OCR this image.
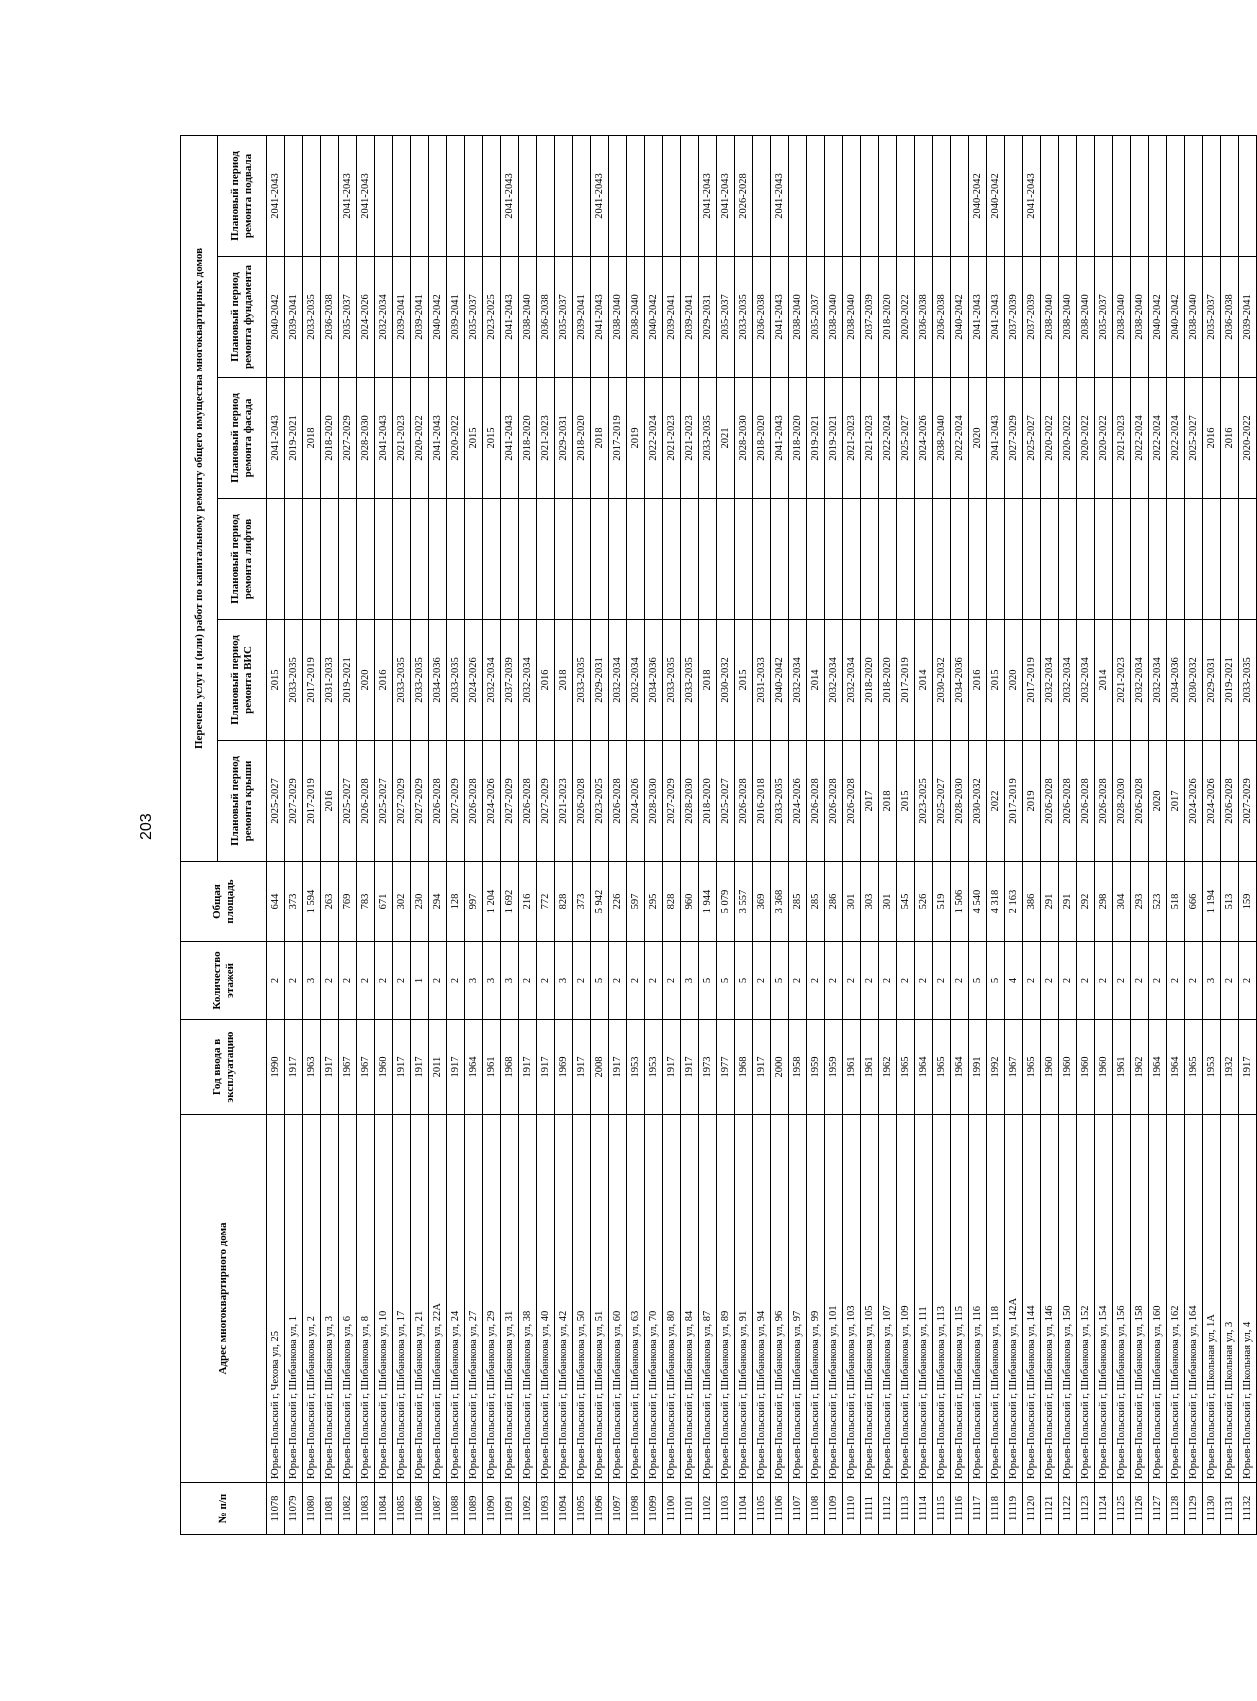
203
№ п/п	Адрес многоквартирного дома	Год ввода в эксплуатацию	Количество этажей	Общая площадь	Перечень услуг и (или) работ по капитальному ремонту общего имущества многоквартирных домов					
					Плановый период ремонта крыши	Плановый период ремонта ВИС	Плановый период ремонта лифтов	Плановый период ремонта фасада	Плановый период ремонта фундамента	Плановый период ремонта подвала
11078	Юрьев-Польский г, Чехова ул, 25	1990	2	644	2025-2027	2015		2041-2043	2040-2042	2041-2043
11079	Юрьев-Польский г, Шибанкова ул, 1	1917	2	373	2027-2029	2033-2035		2019-2021	2039-2041	
11080	Юрьев-Польский г, Шибанкова ул, 2	1963	3	1 594	2017-2019	2017-2019		2018	2033-2035	
11081	Юрьев-Польский г, Шибанкова ул, 3	1917	2	263	2016	2031-2033		2018-2020	2036-2038	
11082	Юрьев-Польский г, Шибанкова ул, 6	1967	2	769	2025-2027	2019-2021		2027-2029	2035-2037	2041-2043
11083	Юрьев-Польский г, Шибанкова ул, 8	1967	2	783	2026-2028	2020		2028-2030	2024-2026	2041-2043
11084	Юрьев-Польский г, Шибанкова ул, 10	1960	2	671	2025-2027	2016		2041-2043	2032-2034	
11085	Юрьев-Польский г, Шибанкова ул, 17	1917	2	302	2027-2029	2033-2035		2021-2023	2039-2041	
11086	Юрьев-Польский г, Шибанкова ул, 21	1917	1	230	2027-2029	2033-2035		2020-2022	2039-2041	
11087	Юрьев-Польский г, Шибанкова ул, 22А	2011	2	294	2026-2028	2034-2036		2041-2043	2040-2042	
11088	Юрьев-Польский г, Шибанкова ул, 24	1917	2	128	2027-2029	2033-2035		2020-2022	2039-2041	
11089	Юрьев-Польский г, Шибанкова ул, 27	1964	3	997	2026-2028	2024-2026		2015	2035-2037	
11090	Юрьев-Польский г, Шибанкова ул, 29	1961	3	1 204	2024-2026	2032-2034		2015	2023-2025	
11091	Юрьев-Польский г, Шибанкова ул, 31	1968	3	1 692	2027-2029	2037-2039		2041-2043	2041-2043	2041-2043
11092	Юрьев-Польский г, Шибанкова ул, 38	1917	2	216	2026-2028	2032-2034		2018-2020	2038-2040	
11093	Юрьев-Польский г, Шибанкова ул, 40	1917	2	772	2027-2029	2016		2021-2023	2036-2038	
11094	Юрьев-Польский г, Шибанкова ул, 42	1969	3	828	2021-2023	2018		2029-2031	2035-2037	
11095	Юрьев-Польский г, Шибанкова ул, 50	1917	2	373	2026-2028	2033-2035		2018-2020	2039-2041	
11096	Юрьев-Польский г, Шибанкова ул, 51	2008	5	5 942	2023-2025	2029-2031		2018	2041-2043	2041-2043
11097	Юрьев-Польский г, Шибанкова ул, 60	1917	2	226	2026-2028	2032-2034		2017-2019	2038-2040	
11098	Юрьев-Польский г, Шибанкова ул, 63	1953	2	597	2024-2026	2032-2034		2019	2038-2040	
11099	Юрьев-Польский г, Шибанкова ул, 70	1953	2	295	2028-2030	2034-2036		2022-2024	2040-2042	
11100	Юрьев-Польский г, Шибанкова ул, 80	1917	2	828	2027-2029	2033-2035		2021-2023	2039-2041	
11101	Юрьев-Польский г, Шибанкова ул, 84	1917	3	960	2028-2030	2033-2035		2021-2023	2039-2041	
11102	Юрьев-Польский г, Шибанкова ул, 87	1973	5	1 944	2018-2020	2018		2033-2035	2029-2031	2041-2043
11103	Юрьев-Польский г, Шибанкова ул, 89	1977	5	5 079	2025-2027	2030-2032		2021	2035-2037	2041-2043
11104	Юрьев-Польский г, Шибанкова ул, 91	1968	5	3 557	2026-2028	2015		2028-2030	2033-2035	2026-2028
11105	Юрьев-Польский г, Шибанкова ул, 94	1917	2	369	2016-2018	2031-2033		2018-2020	2036-2038	
11106	Юрьев-Польский г, Шибанкова ул, 96	2000	5	3 368	2033-2035	2040-2042		2041-2043	2041-2043	2041-2043
11107	Юрьев-Польский г, Шибанкова ул, 97	1958	2	285	2024-2026	2032-2034		2018-2020	2038-2040	
11108	Юрьев-Польский г, Шибанкова ул, 99	1959	2	285	2026-2028	2014		2019-2021	2035-2037	
11109	Юрьев-Польский г, Шибанкова ул, 101	1959	2	286	2026-2028	2032-2034		2019-2021	2038-2040	
11110	Юрьев-Польский г, Шибанкова ул, 103	1961	2	301	2026-2028	2032-2034		2021-2023	2038-2040	
11111	Юрьев-Польский г, Шибанкова ул, 105	1961	2	303	2017	2018-2020		2021-2023	2037-2039	
11112	Юрьев-Польский г, Шибанкова ул, 107	1962	2	301	2018	2018-2020		2022-2024	2018-2020	
11113	Юрьев-Польский г, Шибанкова ул, 109	1965	2	545	2015	2017-2019		2025-2027	2020-2022	
11114	Юрьев-Польский г, Шибанкова ул, 111	1964	2	526	2023-2025	2014		2024-2026	2036-2038	
11115	Юрьев-Польский г, Шибанкова ул, 113	1965	2	519	2025-2027	2030-2032		2038-2040	2036-2038	
11116	Юрьев-Польский г, Шибанкова ул, 115	1964	2	1 506	2028-2030	2034-2036		2022-2024	2040-2042	
11117	Юрьев-Польский г, Шибанкова ул, 116	1991	5	4 540	2030-2032	2016		2020	2041-2043	2040-2042
11118	Юрьев-Польский г, Шибанкова ул, 118	1992	5	4 318	2022	2015		2041-2043	2041-2043	2040-2042
11119	Юрьев-Польский г, Шибанкова ул, 142А	1967	4	2 163	2017-2019	2020		2027-2029	2037-2039	
11120	Юрьев-Польский г, Шибанкова ул, 144	1965	2	386	2019	2017-2019		2025-2027	2037-2039	2041-2043
11121	Юрьев-Польский г, Шибанкова ул, 146	1960	2	291	2026-2028	2032-2034		2020-2022	2038-2040	
11122	Юрьев-Польский г, Шибанкова ул, 150	1960	2	291	2026-2028	2032-2034		2020-2022	2038-2040	
11123	Юрьев-Польский г, Шибанкова ул, 152	1960	2	292	2026-2028	2032-2034		2020-2022	2038-2040	
11124	Юрьев-Польский г, Шибанкова ул, 154	1960	2	298	2026-2028	2014		2020-2022	2035-2037	
11125	Юрьев-Польский г, Шибанкова ул, 156	1961	2	304	2028-2030	2021-2023		2021-2023	2038-2040	
11126	Юрьев-Польский г, Шибанкова ул, 158	1962	2	293	2026-2028	2032-2034		2022-2024	2038-2040	
11127	Юрьев-Польский г, Шибанкова ул, 160	1964	2	523	2020	2032-2034		2022-2024	2040-2042	
11128	Юрьев-Польский г, Шибанкова ул, 162	1964	2	518	2017	2034-2036		2022-2024	2040-2042	
11129	Юрьев-Польский г, Шибанкова ул, 164	1965	2	666	2024-2026	2030-2032		2025-2027	2038-2040	
11130	Юрьев-Польский г, Школьная ул, 1А	1953	3	1 194	2024-2026	2029-2031		2016	2035-2037	
11131	Юрьев-Польский г, Школьная ул, 3	1932	2	513	2026-2028	2019-2021		2016	2036-2038	
11132	Юрьев-Польский г, Школьная ул, 4	1917	2	159	2027-2029	2033-2035		2020-2022	2039-2041	
